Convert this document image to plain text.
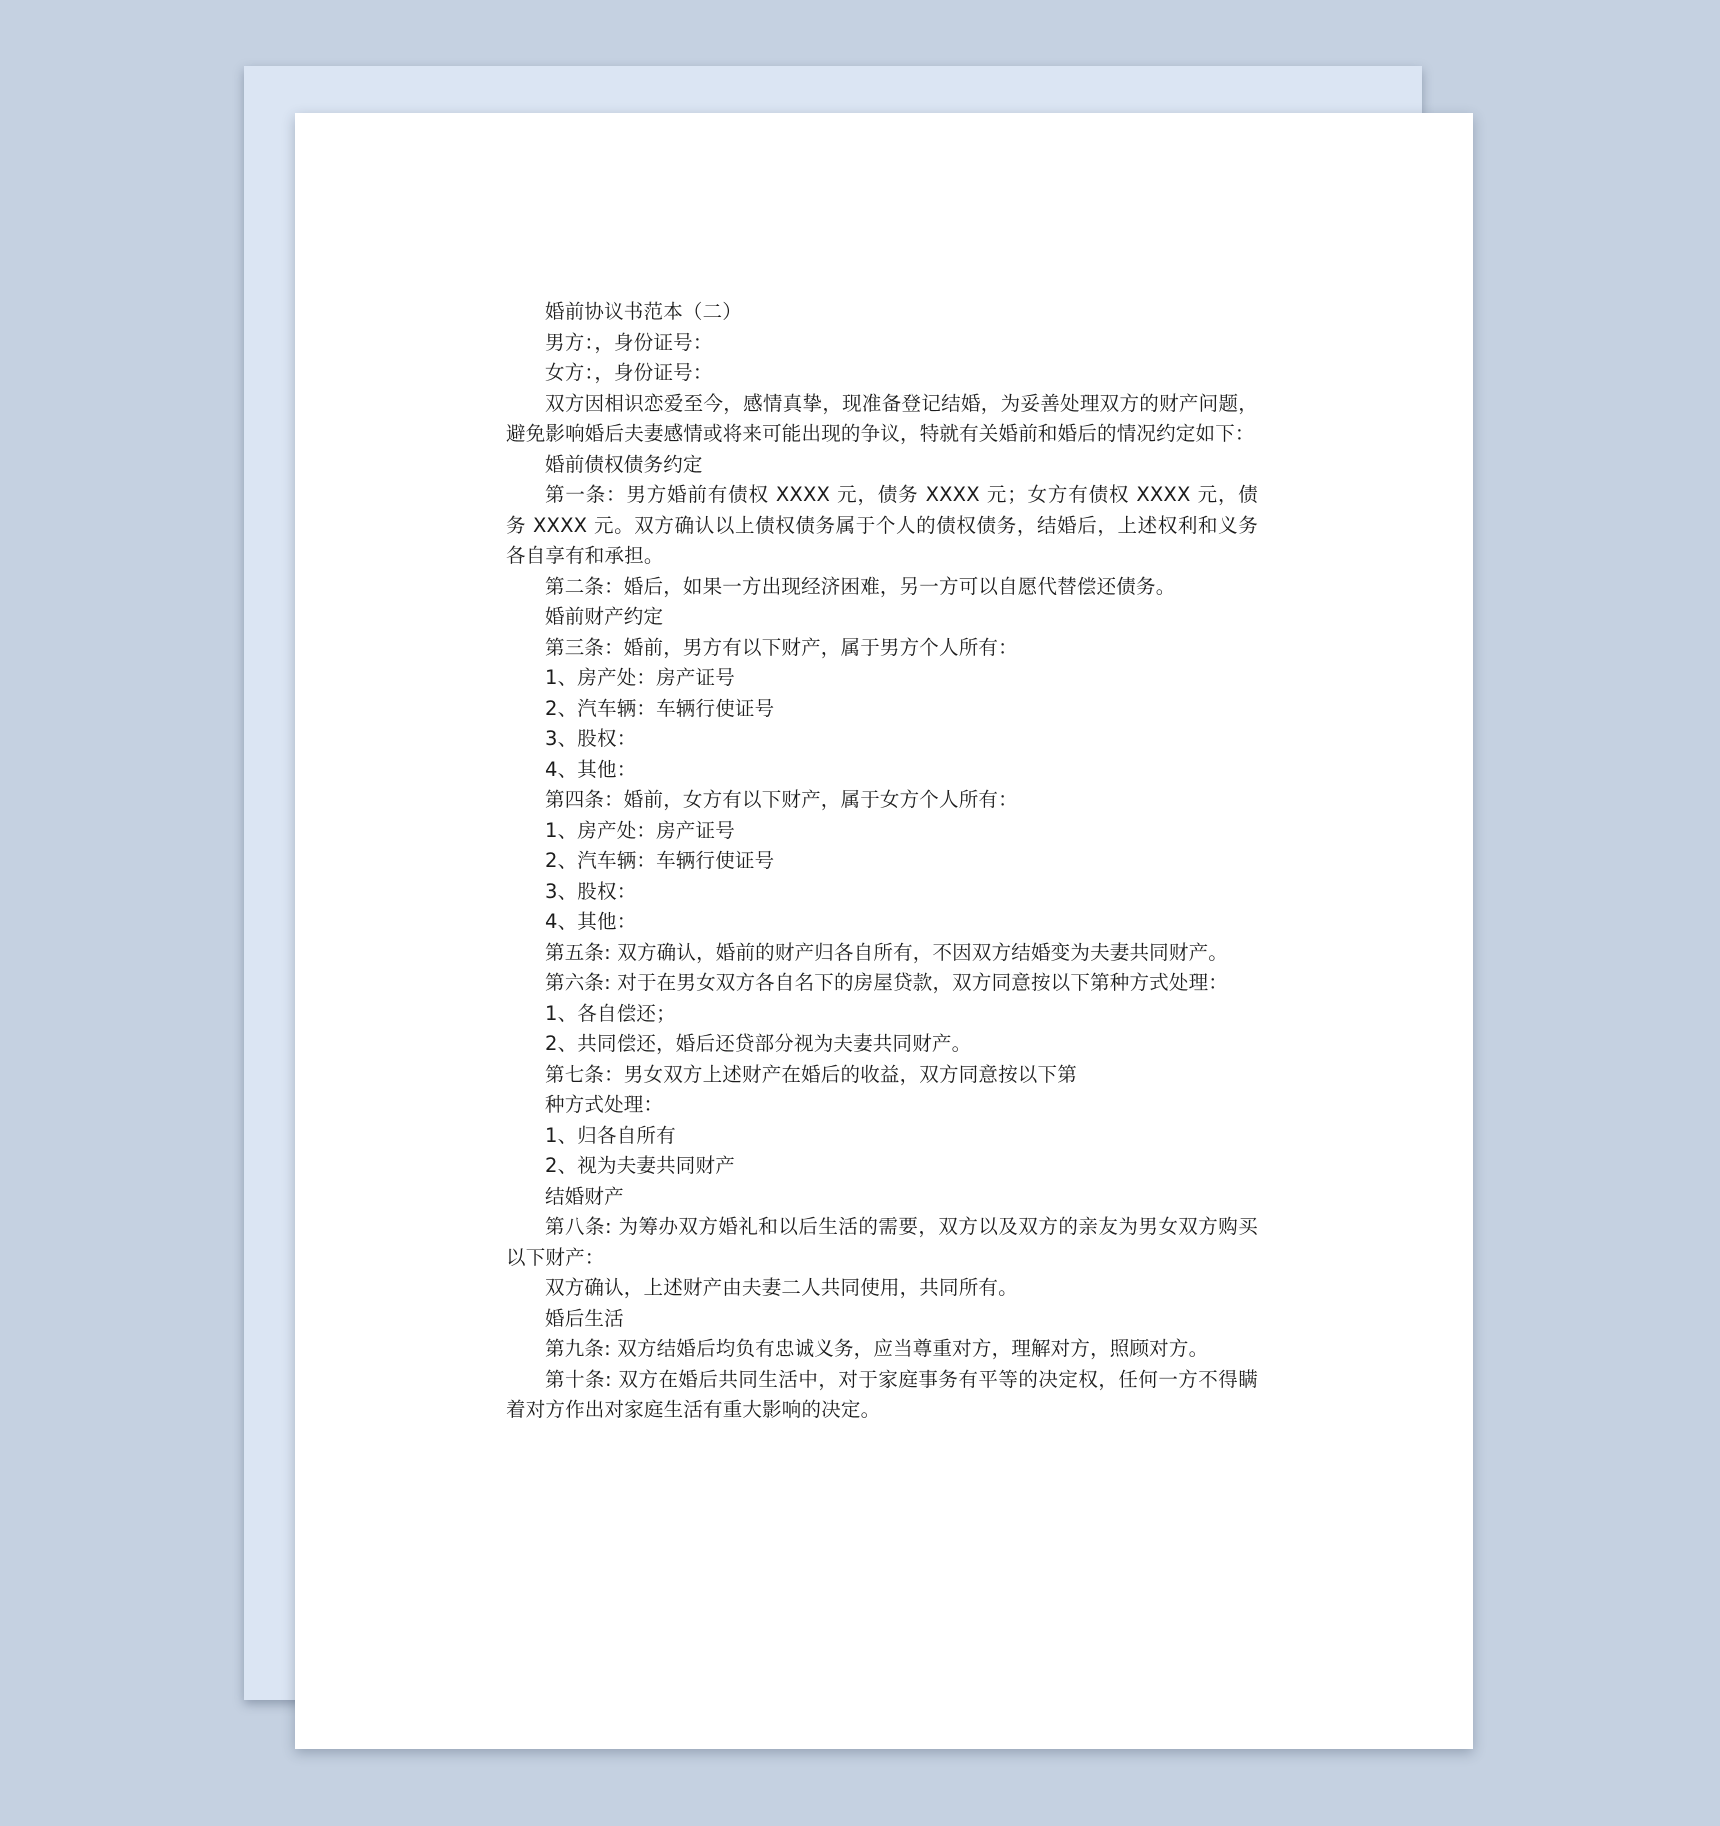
婚前协议书范本（二）

男方：，身份证号：

女方：，身份证号：

双方因相识恋爱至今，感情真挚，现准备登记结婚，为妥善处理双方的财产问题，避免影响婚后夫妻感情或将来可能出现的争议，特就有关婚前和婚后的情况约定如下：

婚前债权债务约定

第一条：男方婚前有债权 XXXX 元，债务 XXXX 元；女方有债权 XXXX 元，债务 XXXX 元。双方确认以上债权债务属于个人的债权债务，结婚后，上述权利和义务各自享有和承担。

第二条：婚后，如果一方出现经济困难，另一方可以自愿代替偿还债务。

婚前财产约定

第三条：婚前，男方有以下财产，属于男方个人所有：

1、房产处：房产证号

2、汽车辆：车辆行使证号

3、股权：

4、其他：

第四条：婚前，女方有以下财产，属于女方个人所有：

1、房产处：房产证号

2、汽车辆：车辆行使证号

3、股权：

4、其他：

第五条: 双方确认，婚前的财产归各自所有，不因双方结婚变为夫妻共同财产。

第六条: 对于在男女双方各自名下的房屋贷款，双方同意按以下第种方式处理：

1、各自偿还；

2、共同偿还，婚后还贷部分视为夫妻共同财产。

第七条：男女双方上述财产在婚后的收益，双方同意按以下第

种方式处理：

1、归各自所有

2、视为夫妻共同财产

结婚财产

第八条: 为筹办双方婚礼和以后生活的需要，双方以及双方的亲友为男女双方购买以下财产：

双方确认，上述财产由夫妻二人共同使用，共同所有。

婚后生活

第九条: 双方结婚后均负有忠诚义务，应当尊重对方，理解对方，照顾对方。

第十条: 双方在婚后共同生活中，对于家庭事务有平等的决定权，任何一方不得瞒着对方作出对家庭生活有重大影响的决定。
